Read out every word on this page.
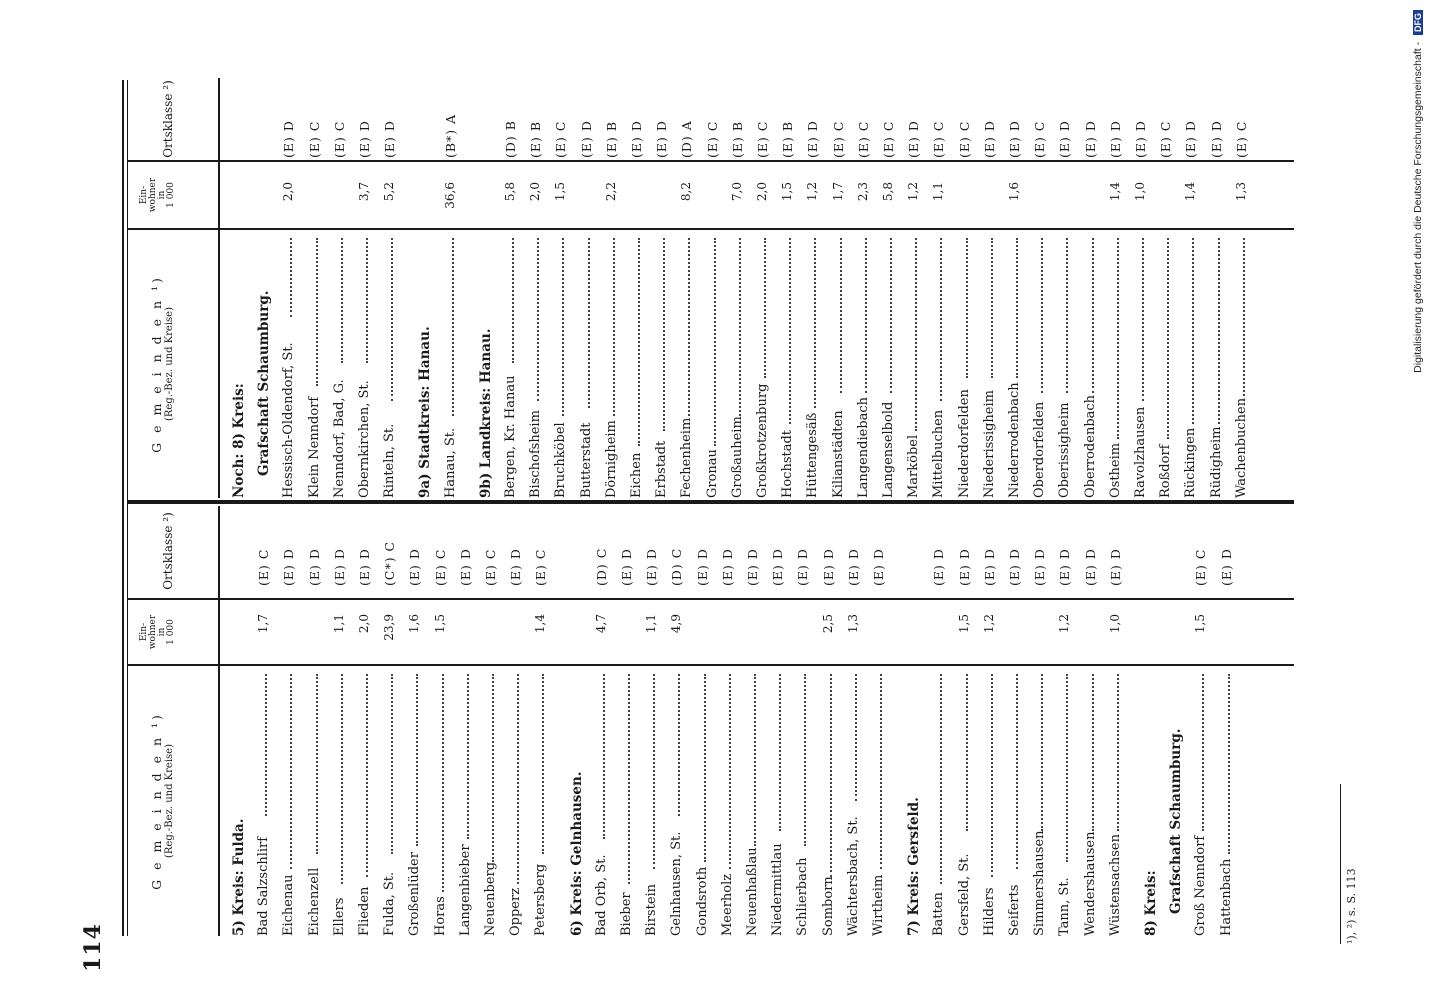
114
G e m e i n d e n ¹) (Reg.-Bez. und Kreise)
Ein- wohner in 1 000
Ortsklasse ²)
G e m e i n d e n ¹) (Reg.-Bez. und Kreise)
Ein- wohner in 1 000
Ortsklasse ²)
5) Kreis: Fulda. Bad Salzschlirf
1,7
(E) C
Eichenau
(E) D
Eichenzell
(E) D
Ellers
1,1
(E) D
Flieden
2,0
(E) D
Fulda, St.
23,9
(C*) C
Großenlüder
1,6
(E) D
Horas
1,5
(E) C
Langenbieber
(E) D
Neuenberg
(E) C
Opperz
(E) D
Petersberg
1,4
(E) C
6) Kreis: Gelnhausen. Bad Orb, St.
4,7
(D) C
Bieber
(E) D
Birstein
1,1
(E) D
Gelnhausen, St.
4,9
(D) C
Gondsroth
(E) D
Meerholz
(E) D
Neuenhaßlau
(E) D
Niedermittlau
(E) D
Schlierbach
(E) D
Somborn
2,5
(E) D
Wächtersbach, St.
1,3
(E) D
Wirtheim
(E) D
7) Kreis: Gersfeld. Batten
(E) D
Gersfeld, St.
1,5
(E) D
Hilders
1,2
(E) D
Seiferts
(E) D
Simmershausen
(E) D
Tann, St.
1,2
(E) D
Wendershausen
(E) D
Wüstensachsen
1,0
(E) D
8) Kreis: Grafschaft Schaumburg. Groß Nenndorf
1,5
(E) C
Hattenbach
(E) D
Noch: 8) Kreis: Grafschaft Schaumburg. Hessisch-Oldendorf, St.
2,0
(E) D
Klein Nenndorf
(E) C
Nenndorf, Bad, G.
(E) C
Obernkirchen, St.
3,7
(E) D
Rinteln, St.
5,2
(E) D
9a) Stadtkreis: Hanau. Hanau, St.
36,6
(B*) A
9b) Landkreis: Hanau. Bergen, Kr. Hanau
5,8
(D) B
Bischofsheim
2,0
(E) B
Bruchköbel
1,5
(E) C
Butterstadt
(E) D
Dörnigheim
2,2
(E) B
Eichen
(E) D
Erbstadt
(E) D
Fechenheim
8,2
(D) A
Gronau
(E) C
Großauheim
7,0
(E) B
Großkrotzenburg
2,0
(E) C
Hochstadt
1,5
(E) B
Hüttengesäß
1,2
(E) D
Kilianstädten
1,7
(E) C
Langendiebach
2,3
(E) C
Langenselbold
5,8
(E) C
Marköbel
1,2
(E) D
Mittelbuchen
1,1
(E) C
Niederdorfelden
(E) C
Niederissigheim
(E) D
Niederrodenbach
1,6
(E) D
Oberdorfelden
(E) C
Oberissigheim
(E) D
Oberrodenbach
(E) D
Ostheim
1,4
(E) D
Ravolzhausen
1,0
(E) D
Roßdorf
(E) C
Rückingen
1,4
(E) D
Rüdigheim
(E) D
Wachenbuchen
1,3
(E) C
¹), ²) s. S. 113
Digitalisierung gefördert durch die Deutsche Forschungsgemeinschaft - DFG
